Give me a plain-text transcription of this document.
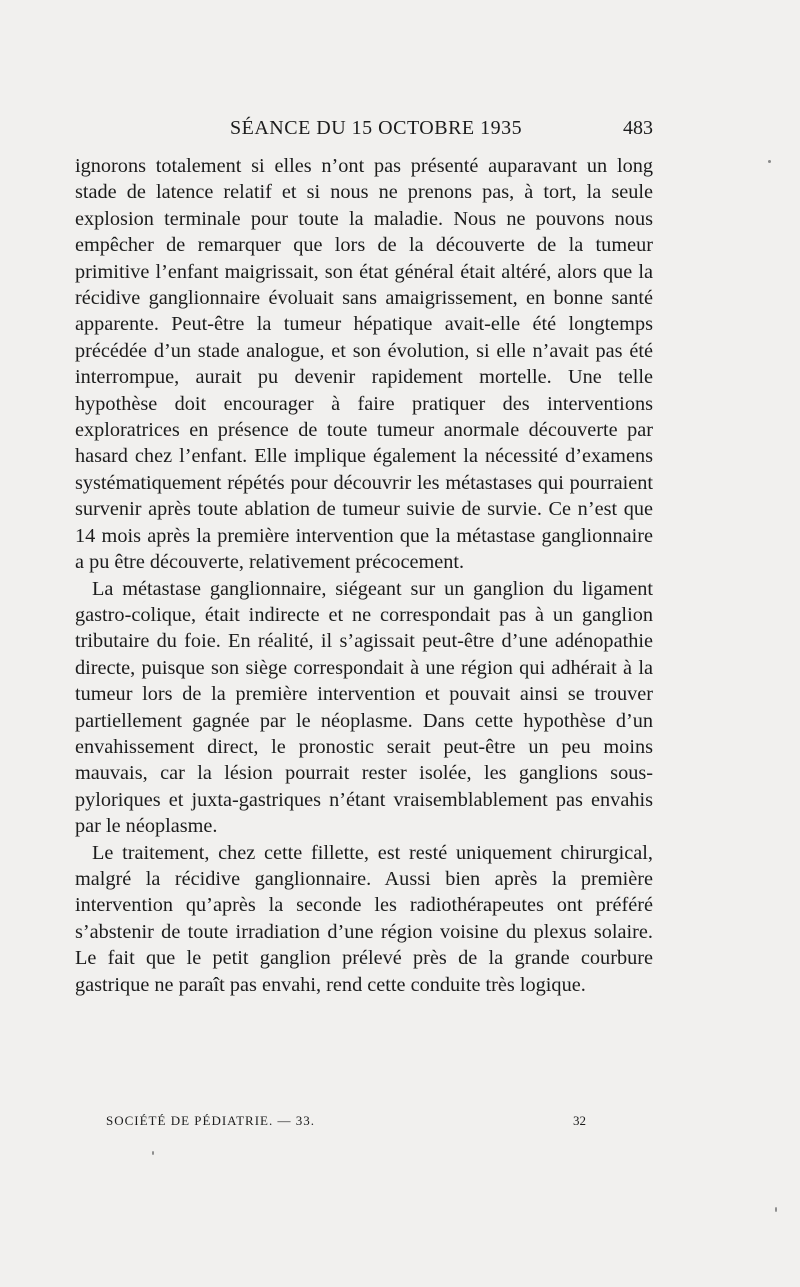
SÉANCE DU 15 OCTOBRE 1935	483

ignorons totalement si elles n’ont pas présenté auparavant un long stade de latence relatif et si nous ne prenons pas, à tort, la seule explosion terminale pour toute la maladie. Nous ne pouvons nous empêcher de remarquer que lors de la découverte de la tumeur primitive l’enfant maigrissait, son état général était altéré, alors que la récidive ganglionnaire évoluait sans amaigrissement, en bonne santé apparente. Peut-être la tumeur hépatique avait-elle été longtemps précédée d’un stade analogue, et son évolution, si elle n’avait pas été interrompue, aurait pu devenir rapidement mortelle. Une telle hypothèse doit encourager à faire pratiquer des interventions exploratrices en présence de toute tumeur anormale découverte par hasard chez l’enfant. Elle implique également la nécessité d’examens systématiquement répétés pour découvrir les métastases qui pourraient survenir après toute ablation de tumeur suivie de survie. Ce n’est que 14 mois après la première intervention que la métastase ganglionnaire a pu être découverte, relativement précocement.

La métastase ganglionnaire, siégeant sur un ganglion du ligament gastro-colique, était indirecte et ne correspondait pas à un ganglion tributaire du foie. En réalité, il s’agissait peut-être d’une adénopathie directe, puisque son siège correspondait à une région qui adhérait à la tumeur lors de la première intervention et pouvait ainsi se trouver partiellement gagnée par le néoplasme. Dans cette hypothèse d’un envahissement direct, le pronostic serait peut-être un peu moins mauvais, car la lésion pourrait rester isolée, les ganglions sous-pyloriques et juxta-gastriques n’étant vraisemblablement pas envahis par le néoplasme.

Le traitement, chez cette fillette, est resté uniquement chirurgical, malgré la récidive ganglionnaire. Aussi bien après la première intervention qu’après la seconde les radiothérapeutes ont préféré s’abstenir de toute irradiation d’une région voisine du plexus solaire. Le fait que le petit ganglion prélevé près de la grande courbure gastrique ne paraît pas envahi, rend cette conduite très logique.

SOCIÉTÉ DE PÉDIATRIE. — 33.	32
